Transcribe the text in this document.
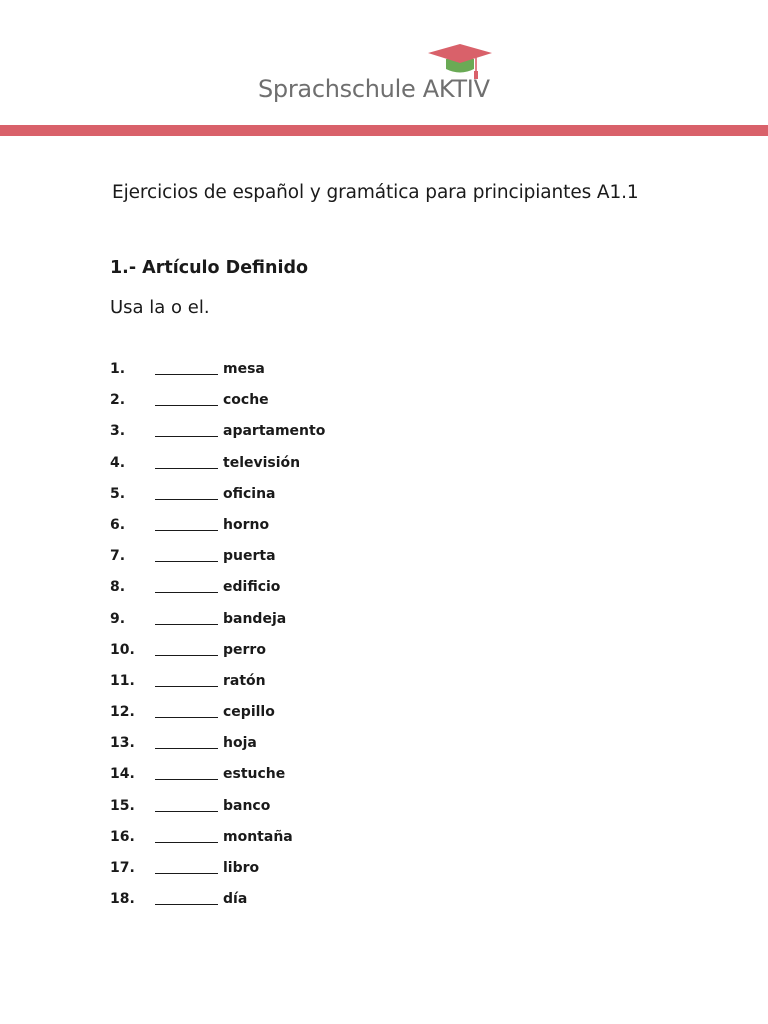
Sprachschule AKTIV
Ejercicios de español y gramática para principiantes A1.1
1.- Artículo Definido
Usa la o el.
1.	mesa
2.	coche
3.	apartamento
4.	televisión
5.	oficina
6.	horno
7.	puerta
8.	edificio
9.	bandeja
10.	perro
11.	ratón
12.	cepillo
13.	hoja
14.	estuche
15.	banco
16.	montaña
17.	libro
18.	día
